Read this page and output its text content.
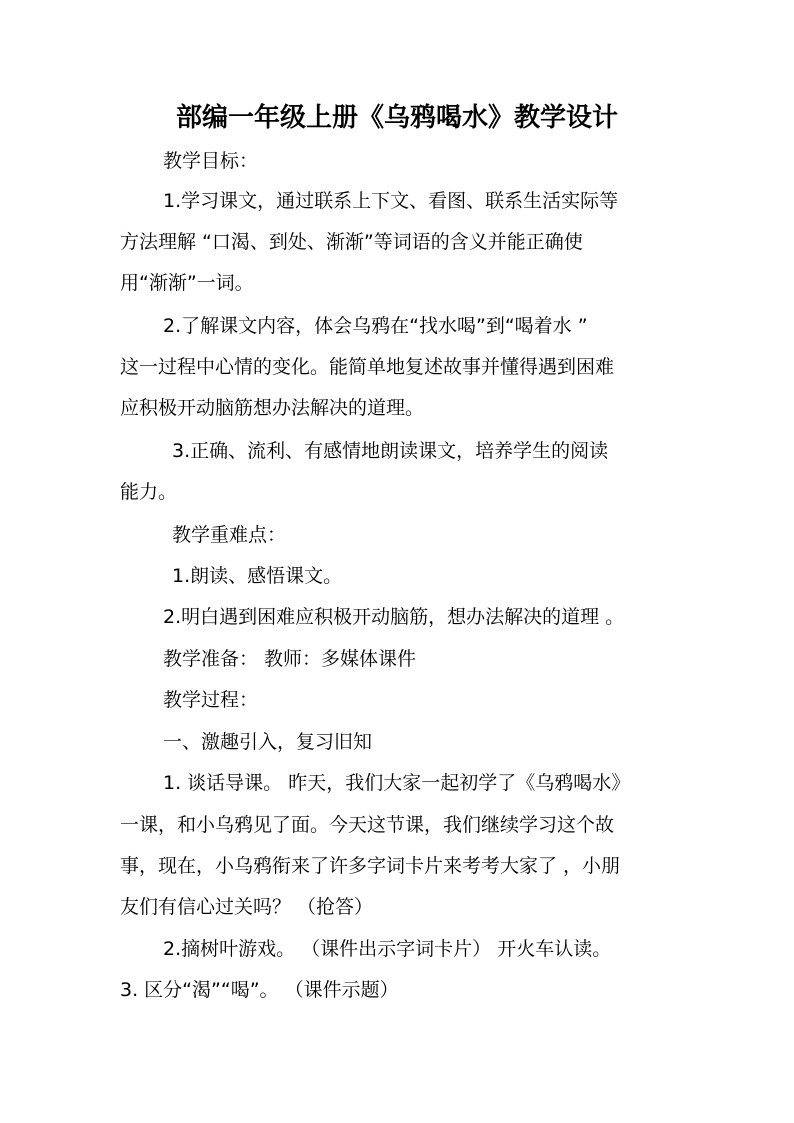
部编一年级上册《乌鸦喝水》教学设计
教学目标：
1.学习课文，通过联系上下文、看图、联系生活实际等
方法理解 “口渴、到处、渐渐”等词语的含义并能正确使
用“渐渐”一词。
2.了解课文内容，体会乌鸦在“找水喝”到“喝着水 ”
这一过程中心情的变化。能简单地复述故事并懂得遇到困难
应积极开动脑筋想办法解决的道理。
3.正确、流利、有感情地朗读课文，培养学生的阅读
能力。
教学重难点：
1.朗读、感悟课文。
2.明白遇到困难应积极开动脑筋，想办法解决的道理 。
教学准备： 教师：多媒体课件
教学过程：
一、激趣引入，复习旧知
1. 谈话导课。 昨天，我们大家一起初学了《乌鸦喝水》
一课，和小乌鸦见了面。今天这节课，我们继续学习这个故
事，现在，小乌鸦衔来了许多字词卡片来考考大家了 ，小朋
友们有信心过关吗？ （抢答）
2.摘树叶游戏。 （课件出示字词卡片） 开火车认读。
3. 区分“渴”“喝”。 （课件示题）
